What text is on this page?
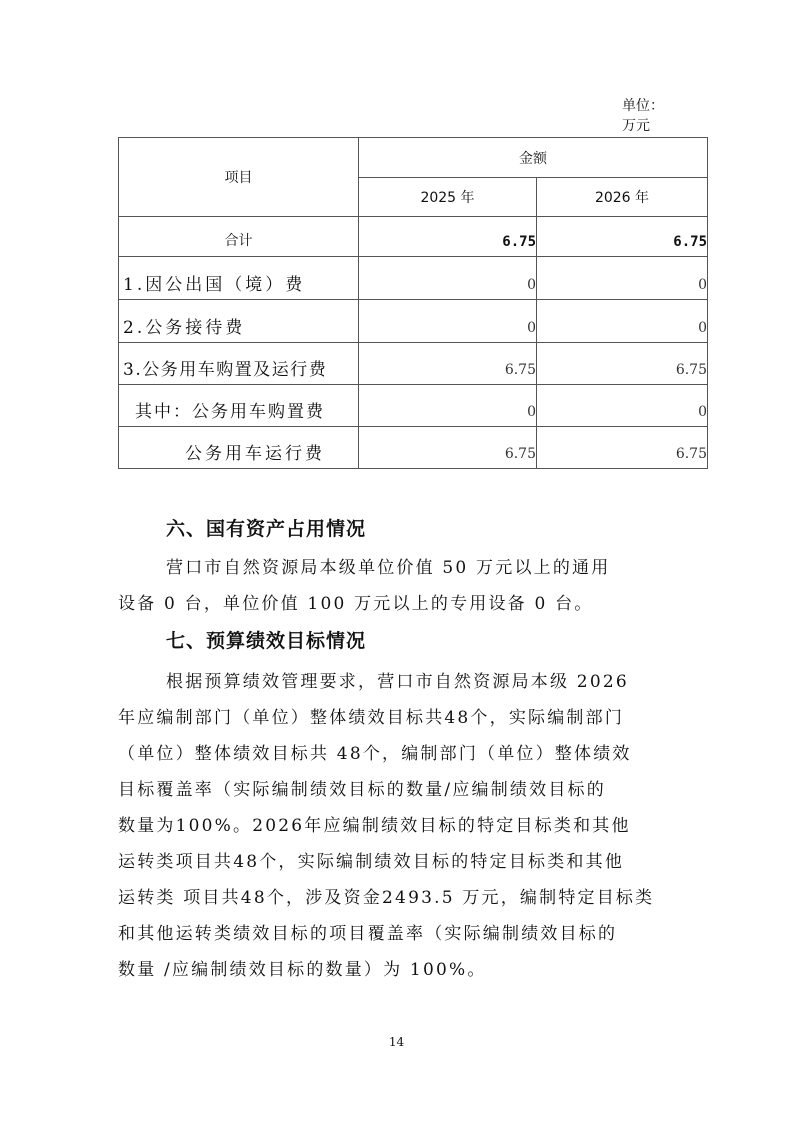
单位：
万元
项目	金额	
	2025 年	2026 年
合计	6.75	6.75
1.因公出国（境）费	0	0
2.公务接待费	0	0
3.公务用车购置及运行费	6.75	6.75
其中：公务用车购置费	0	0
公务用车运行费	6.75	6.75
六、国有资产占用情况
营口市自然资源局本级单位价值 50 万元以上的通用
设备 0 台，单位价值 100 万元以上的专用设备 0 台。
七、预算绩效目标情况
根据预算绩效管理要求，营口市自然资源局本级 2026
年应编制部门（单位）整体绩效目标共48个，实际编制部门
（单位）整体绩效目标共 48个，编制部门（单位）整体绩效
目标覆盖率（实际编制绩效目标的数量/应编制绩效目标的
数量为100%。2026年应编制绩效目标的特定目标类和其他
运转类项目共48个，实际编制绩效目标的特定目标类和其他
运转类 项目共48个，涉及资金2493.5 万元，编制特定目标类
和其他运转类绩效目标的项目覆盖率（实际编制绩效目标的
数量 /应编制绩效目标的数量）为 100%。
14
